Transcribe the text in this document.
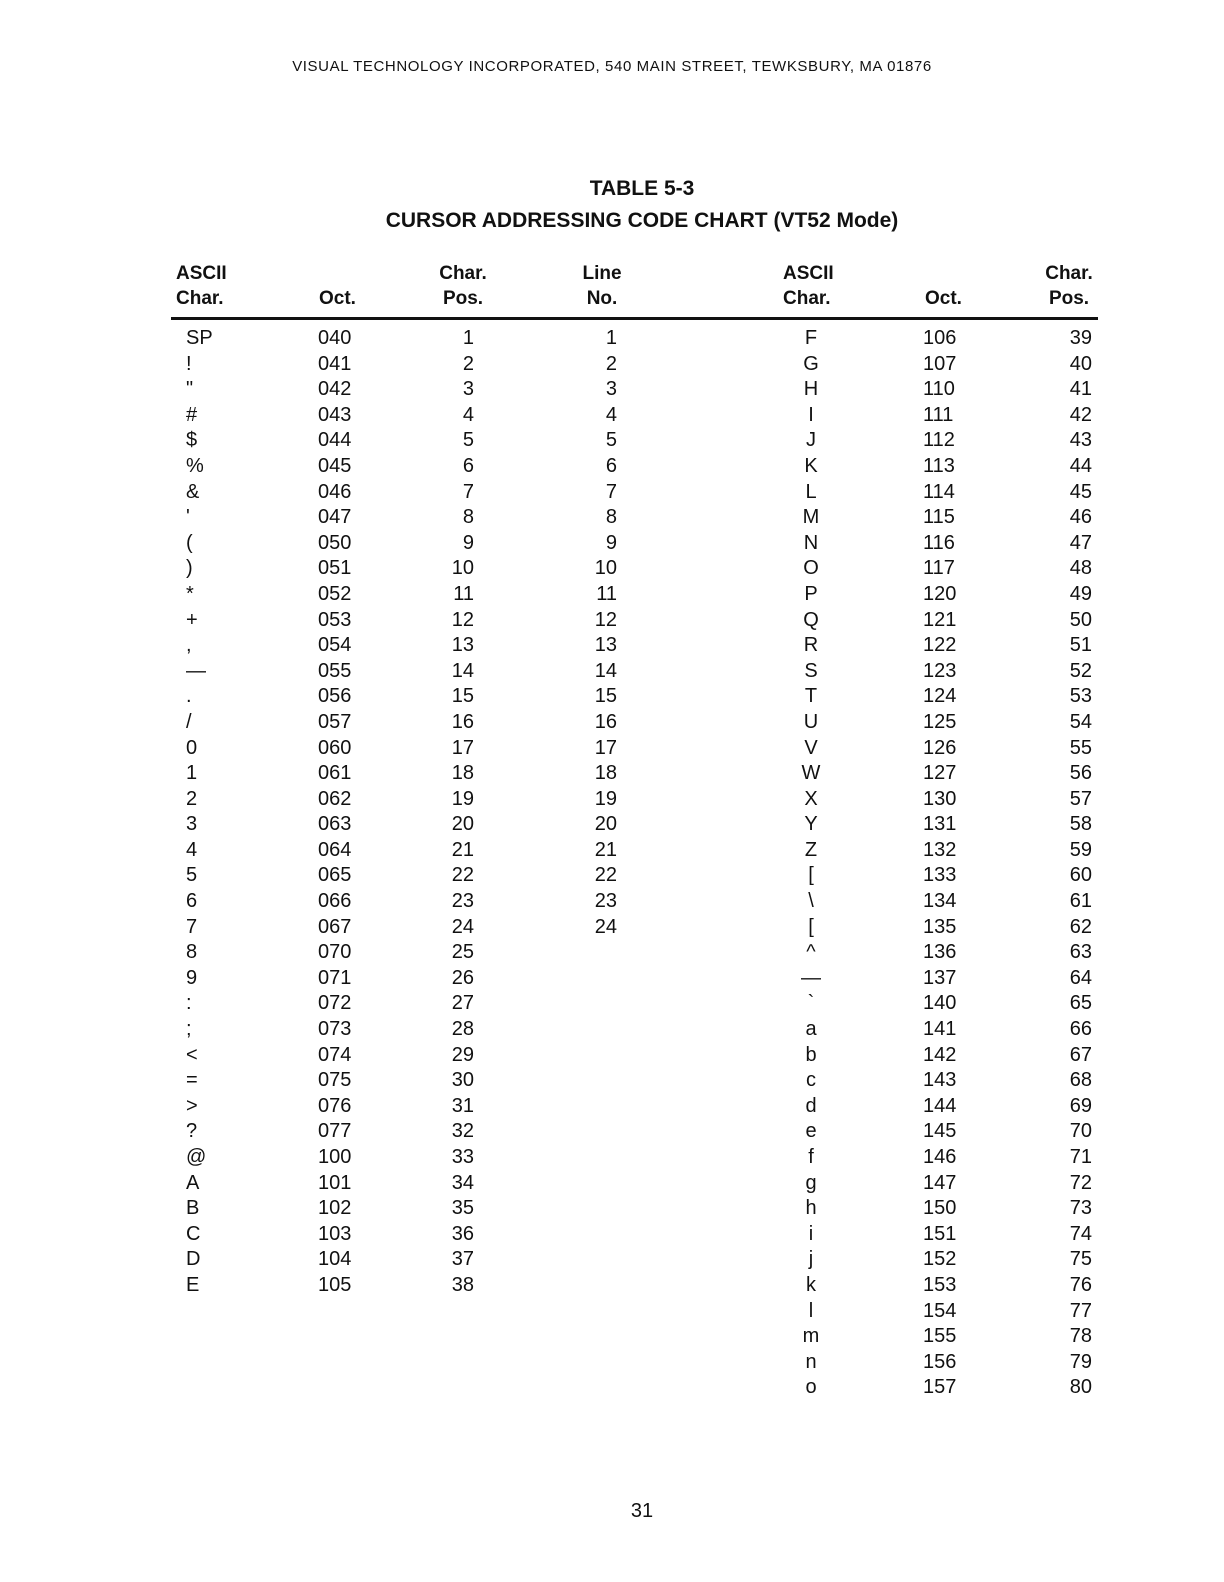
VISUAL TECHNOLOGY INCORPORATED, 540 MAIN STREET, TEWKSBURY, MA 01876
TABLE 5-3
CURSOR ADDRESSING CODE CHART (VT52 Mode)
ASCII
Char.	Oct.
Char.
Pos.
Line
No.
ASCII
Char.	Oct.
Char.
Pos.
SP
!
"
#
$
%
&
'
(
)
*
+
,
—
.
/
0
1
2
3
4
5
6
7
8
9
:
;
<
=
>
?
@
A
B
C
D
E
040
041
042
043
044
045
046
047
050
051
052
053
054
055
056
057
060
061
062
063
064
065
066
067
070
071
072
073
074
075
076
077
100
101
102
103
104
105
1
2
3
4
5
6
7
8
9
10
11
12
13
14
15
16
17
18
19
20
21
22
23
24
25
26
27
28
29
30
31
32
33
34
35
36
37
38
1
2
3
4
5
6
7
8
9
10
11
12
13
14
15
16
17
18
19
20
21
22
23
24
F
G
H
I
J
K
L
M
N
O
P
Q
R
S
T
U
V
W
X
Y
Z
[
\
[
^
—
`
a
b
c
d
e
f
g
h
i
j
k
l
m
n
o
106
107
110
111
112
113
114
115
116
117
120
121
122
123
124
125
126
127
130
131
132
133
134
135
136
137
140
141
142
143
144
145
146
147
150
151
152
153
154
155
156
157
39
40
41
42
43
44
45
46
47
48
49
50
51
52
53
54
55
56
57
58
59
60
61
62
63
64
65
66
67
68
69
70
71
72
73
74
75
76
77
78
79
80
31
